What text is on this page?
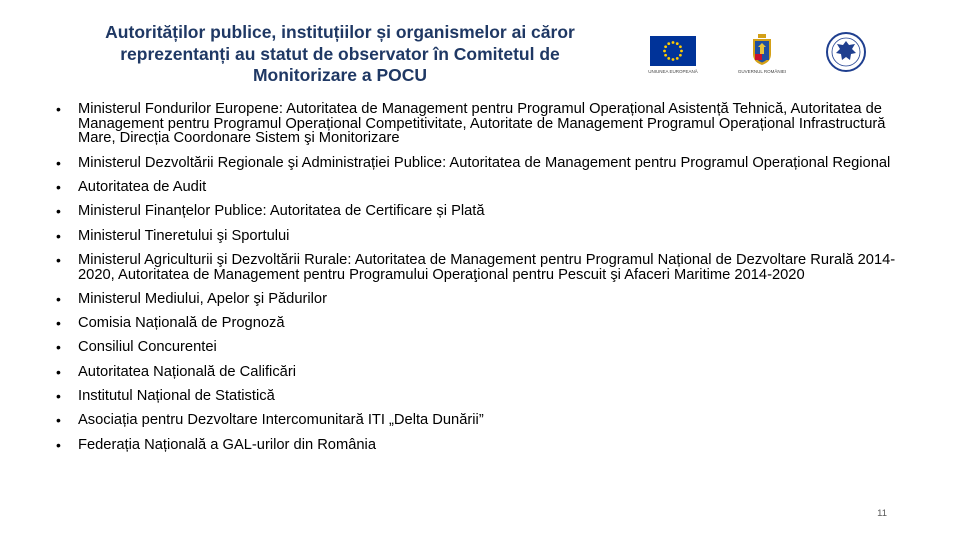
Autorităților publice, instituțiilor și organismelor ai căror
reprezentanți au statut de observator în Comitetul de
Monitorizare a POCU	UNIUNEA EUROPEANĂ	GUVERNUL ROMÂNIEI
• Ministerul Fondurilor Europene: Autoritatea de Management pentru Programul Operațional Asistență Tehnică, Autoritatea de Management pentru Programul Operațional Competitivitate, Autoritate de Management Programul Operațional Infrastructură Mare, Direcția Coordonare Sistem şi Monitorizare
• Ministerul Dezvoltării Regionale şi Administrației Publice: Autoritatea de Management pentru Programul Operațional Regional
• Autoritatea de Audit
• Ministerul Finanțelor Publice: Autoritatea de Certificare și Plată
• Ministerul Tineretului şi Sportului
• Ministerul Agriculturii şi Dezvoltării Rurale: Autoritatea de Management pentru Programul Național de Dezvoltare Rurală 2014-2020, Autoritatea de Management pentru Programului Operaţional pentru Pescuit şi Afaceri Maritime 2014-2020
• Ministerul Mediului, Apelor şi Pădurilor
• Comisia Națională de Prognoză
• Consiliul Concurentei
• Autoritatea Națională de Calificări
• Institutul Național de Statistică
• Asociația pentru Dezvoltare Intercomunitară ITI „Delta Dunării”
• Federația Națională a GAL-urilor din România
11
